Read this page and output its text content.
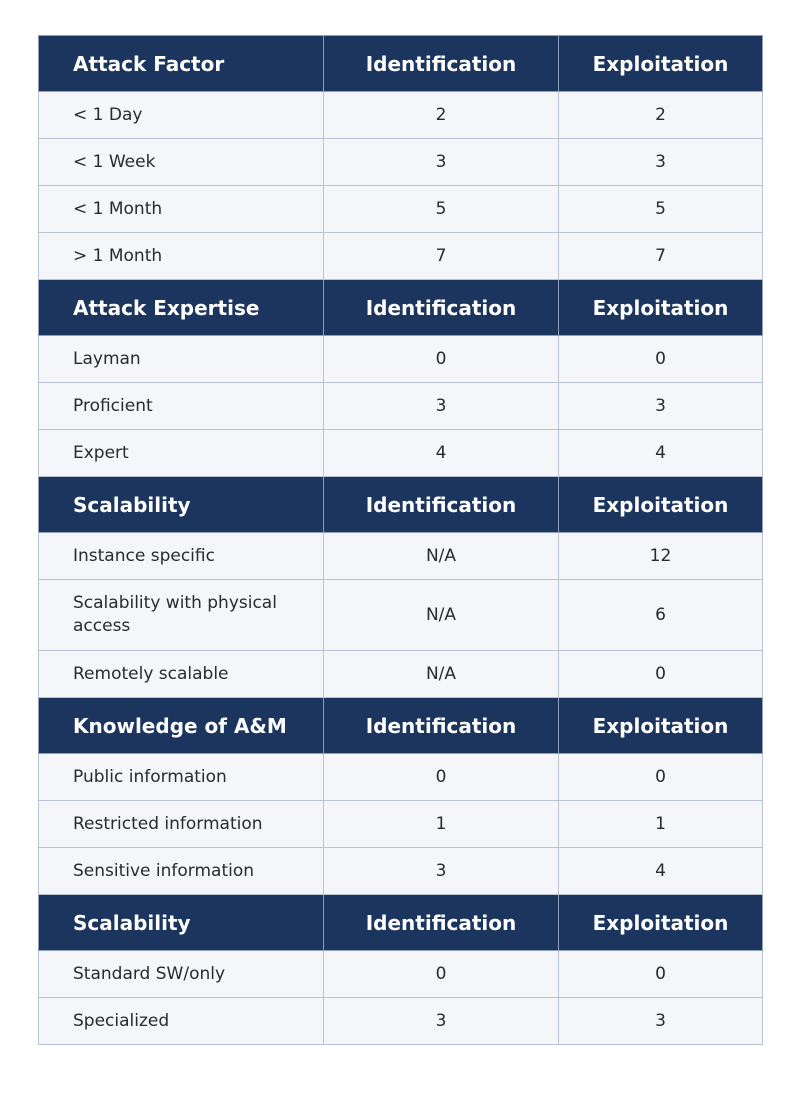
Attack Factor	Identification	Exploitation
< 1 Day	2	2
< 1 Week	3	3
< 1 Month	5	5
> 1 Month	7	7
Attack Expertise	Identification	Exploitation
Layman	0	0
Proficient	3	3
Expert	4	4
Scalability	Identification	Exploitation
Instance specific	N/A	12
Scalability with physical access	N/A	6
Remotely scalable	N/A	0
Knowledge of A&M	Identification	Exploitation
Public information	0	0
Restricted information	1	1
Sensitive information	3	4
Scalability	Identification	Exploitation
Standard SW/only	0	0
Specialized	3	3
